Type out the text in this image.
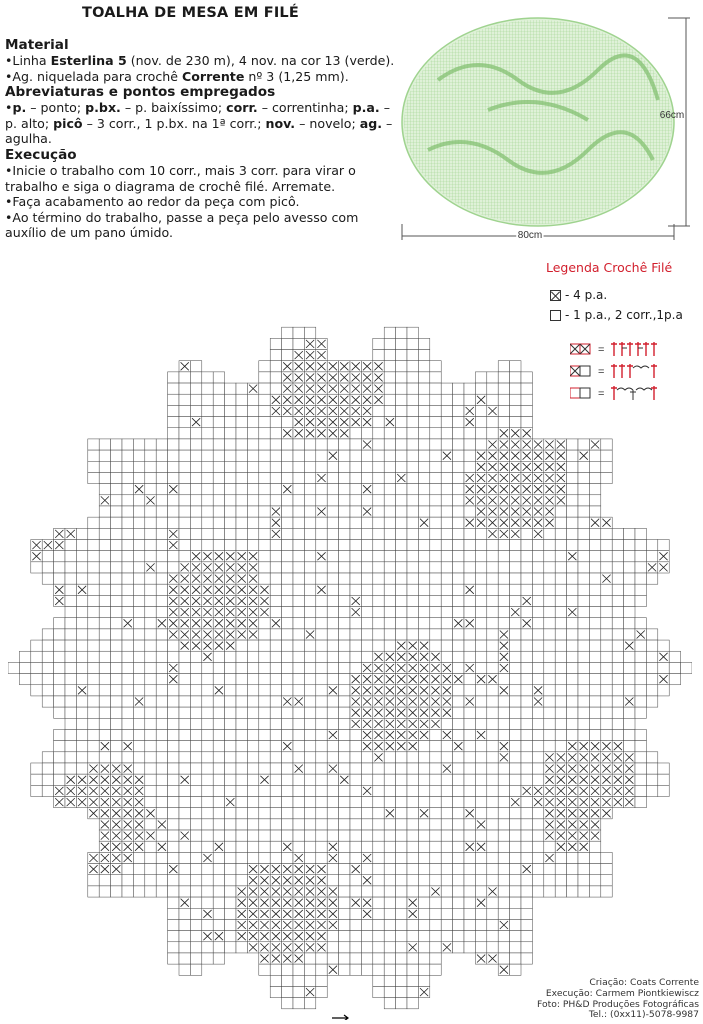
TOALHA DE MESA EM FILÉ
Material

•Linha Esterlina 5 (nov. de 230 m), 4 nov. na cor 13 (verde).

•Ag. niquelada para crochê Corrente nº 3 (1,25 mm).

Abreviaturas e pontos empregados

•p. – ponto; p.bx. – p. baixíssimo; corr. – correntinha; p.a. – p. alto; picô – 3 corr., 1 p.bx. na 1ª corr.; nov. – novelo; ag. – agulha.

Execução

•Inicie o trabalho com 10 corr., mais 3 corr. para virar o trabalho e siga o diagrama de crochê filé. Arremate.

•Faça acabamento ao redor da peça com picô.

•Ao término do trabalho, passe a peça pelo avesso com auxílio de um pano úmido.

66cm
80cm
Legenda Crochê Filé
- 4 p.a.
- 1 p.a., 2 corr.,1p.a
=
=
=
Criação: Coats Corrente
Execução: Carmem Piontkiewiscz
Foto: PH&D Produções Fotográficas
Tel.: (0xx11)-5078-9987
